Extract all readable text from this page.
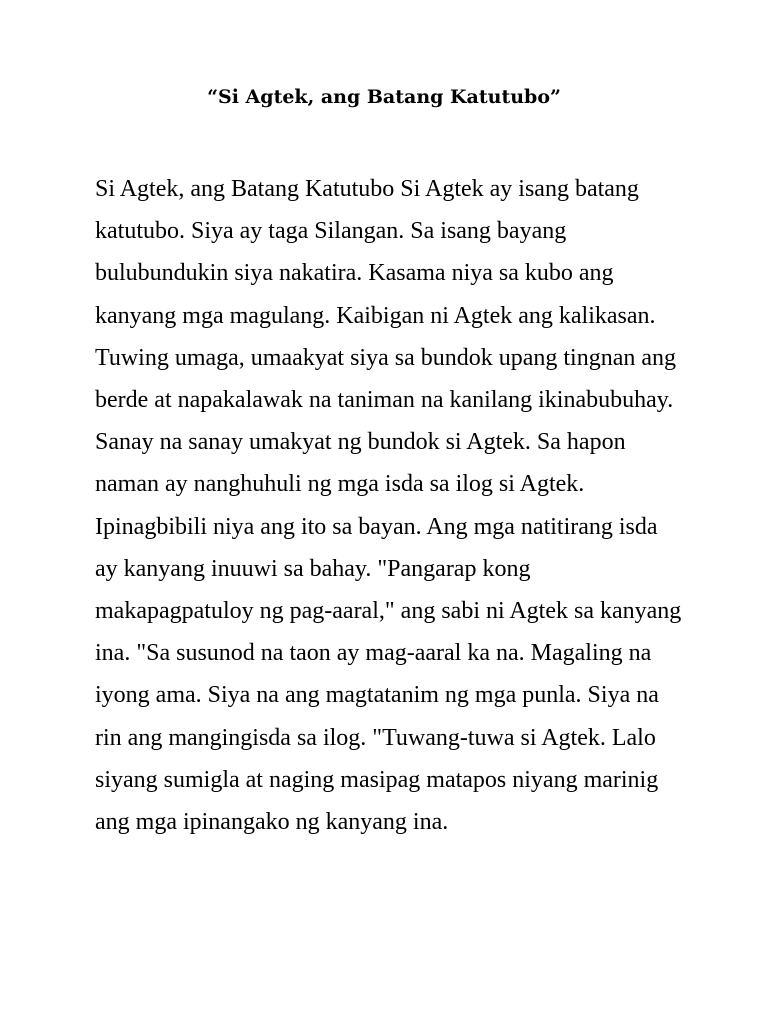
“Si Agtek, ang Batang Katutubo”

Si Agtek, ang Batang Katutubo Si Agtek ay isang batang katutubo. Siya ay taga Silangan. Sa isang bayang bulubundukin siya nakatira. Kasama niya sa kubo ang kanyang mga magulang. Kaibigan ni Agtek ang kalikasan. Tuwing umaga, umaakyat siya sa bundok upang tingnan ang berde at napakalawak na taniman na kanilang ikinabubuhay. Sanay na sanay umakyat ng bundok si Agtek. Sa hapon naman ay nanghuhuli ng mga isda sa ilog si Agtek. Ipinagbibili niya ang ito sa bayan. Ang mga natitirang isda ay kanyang inuuwi sa bahay. "Pangarap kong makapagpatuloy ng pag-aaral," ang sabi ni Agtek sa kanyang ina. "Sa susunod na taon ay mag-aaral ka na. Magaling na iyong ama. Siya na ang magtatanim ng mga punla. Siya na rin ang mangingisda sa ilog. "Tuwang-tuwa si Agtek. Lalo siyang sumigla at naging masipag matapos niyang marinig ang mga ipinangako ng kanyang ina.
